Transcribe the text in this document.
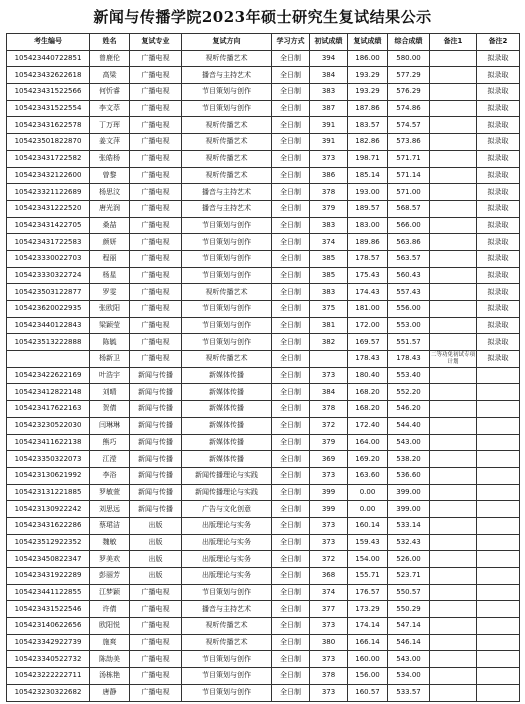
新闻与传播学院2023年硕士研究生复试结果公示
考生编号	姓名	复试专业	复试方向	学习方式	初试成绩	复试成绩	综合成绩	备注1	备注2
105423440722851	曾鹿伦	广播电视	视听传播艺术	全日制	394	186.00	580.00		拟录取
105423432622618	高梁	广播电视	播音与主持艺术	全日制	384	193.29	577.29		拟录取
105423431522566	何忻睿	广播电视	节目策划与创作	全日制	383	193.29	576.29		拟录取
105423431522554	李文萃	广播电视	节目策划与创作	全日制	387	187.86	574.86		拟录取
105423431622578	丁万珲	广播电视	视听传播艺术	全日制	391	183.57	574.57		拟录取
105423501822870	姜文萍	广播电视	视听传播艺术	全日制	391	182.86	573.86		拟录取
105423431722582	张皓杨	广播电视	视听传播艺术	全日制	373	198.71	571.71		拟录取
105423432122600	曾黎	广播电视	视听传播艺术	全日制	386	185.14	571.14		拟录取
105423321122689	杨思汶	广播电视	播音与主持艺术	全日制	378	193.00	571.00		拟录取
105423431222520	唐光润	广播电视	播音与主持艺术	全日制	379	189.57	568.57		拟录取
105423431422705	桑喆	广播电视	节目策划与创作	全日制	383	183.00	566.00		拟录取
105423431722583	颜妍	广播电视	节目策划与创作	全日制	374	189.86	563.86		拟录取
105423330022703	程丽	广播电视	节目策划与创作	全日制	385	178.57	563.57		拟录取
105423330322724	杨星	广播电视	节目策划与创作	全日制	385	175.43	560.43		拟录取
105423503122877	罗雯	广播电视	视听传播艺术	全日制	383	174.43	557.43		拟录取
105423620022935	张欧阳	广播电视	节目策划与创作	全日制	375	181.00	556.00		拟录取
105423440122843	梁颖莹	广播电视	节目策划与创作	全日制	381	172.00	553.00		拟录取
105423513222888	陈毓	广播电视	节目策划与创作	全日制	382	169.57	551.57		拟录取
	杨新卫	广播电视	视听传播艺术	全日制		178.43	178.43	二等功免初试专项计划	拟录取
105423422622169	叶浩宇	新闻与传播	新媒体传播	全日制	373	180.40	553.40		
105423412822148	刘晴	新闻与传播	新媒体传播	全日制	384	168.20	552.20		
105423417622163	贺倩	新闻与传播	新媒体传播	全日制	378	168.20	546.20		
105423230522030	闫琳琳	新闻与传播	新媒体传播	全日制	372	172.40	544.40		
105423411622138	熊巧	新闻与传播	新媒体传播	全日制	379	164.00	543.00		
105423350322073	江滢	新闻与传播	新媒体传播	全日制	369	169.20	538.20		
105423130621992	李浴	新闻与传播	新闻传播理论与实践	全日制	373	163.60	536.60		
105423131221885	罗敏萱	新闻与传播	新闻传播理论与实践	全日制	399	0.00	399.00		
105423130922242	刘思远	新闻与传播	广告与文化创意	全日制	399	0.00	399.00		
105423431622286	蔡珺洁	出版	出版理论与实务	全日制	373	160.14	533.14		
105423512922352	魏敏	出版	出版理论与实务	全日制	373	159.43	532.43		
105423450822347	罗美欢	出版	出版理论与实务	全日制	372	154.00	526.00		
105423431922289	彭丽芳	出版	出版理论与实务	全日制	368	155.71	523.71		
105423441122855	江梦颖	广播电视	节目策划与创作	全日制	374	176.57	550.57		
105423431522546	许倩	广播电视	播音与主持艺术	全日制	377	173.29	550.29		
105423140622656	欧阳悦	广播电视	视听传播艺术	全日制	373	174.14	547.14		
105423342922739	施爽	广播电视	视听传播艺术	全日制	380	166.14	546.14		
105423340522732	陈劼美	广播电视	节目策划与创作	全日制	373	160.00	543.00		
105423222222711	汤栋艳	广播电视	节目策划与创作	全日制	378	156.00	534.00		
105423230322682	唐静	广播电视	节目策划与创作	全日制	373	160.57	533.57		
